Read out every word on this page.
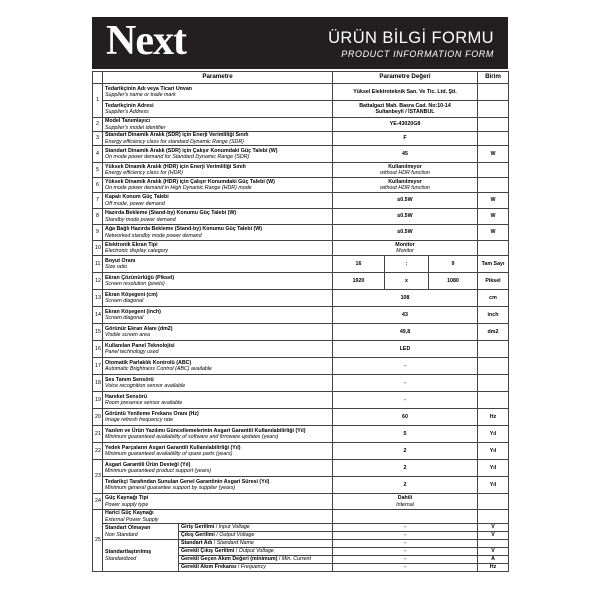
Next	ÜRÜN BİLGİ FORMU
PRODUCT INFORMATION FORM
	Parametre		Parametre Değeri			Birim
1	Tedarikçinin Adı veya Ticari Unvan
Supplier's name or trade mark		Yüksel Elektroteknik San. Ve Tic. Ltd. Şti.			

	Tedarikçinin Adresi
Supplier's Address		Battalgazi Mah. Basra Cad. No:10-14
Sultanbeyli / İSTANBUL			

2	Model Tanımlayıcı
Supplier's model identifier		YE-43020G8			
3	Standart Dinamik Aralık (SDR) için Enerji Verimliliği Sınıfı
Energy efficiency class for standard Dynamic Range (SDR)		F			
4	Standart Dinamik Aralık (SDR) için Çalışır Konumdaki Güç Talebi (W)
On mode power demand for Standard Dynamic Range (SDR)		45			W
5	Yüksek Dinamik Aralık (HDR) için Enerji Verimliliği Sınıfı
Energy efficiency class for (HDR)		Kullanılmıyor
without HDR function			

6	Yüksek Dinamik Aralık (HDR) için Çalışır Konumdaki Güç Talebi (W)
On mode power demand in High Dynamic Range (HDR) mode		Kullanılmıyor
without HDR function			

7	Kapalı Konum Güç Talebi
Off mode, power demand		≤0.5W			W
8	Hazırda Bekleme (Stand-by) Konumu Güç Talebi (W)
Standby mode power demand		≤0.5W			W
9	Ağa Bağlı Hazırda Bekleme (Stand-by) Konumu Güç Talebi (W)
Networked standby mode power demand		≤0.5W			W
10	Elektronik Ekran Tipi
Electronic display category		Monitor
Monitor			

11	Boyut Oranı
Size ratio		16	:	9	Tam Sayı
12	Ekran Çözünürlüğü (Piksel)
Screen resolution (pixels)		1920	x	1080	Piksel
13	Ekran Köşegeni (cm)
Screen diagonal		108			cm
14	Ekran Köşegeni (inch)
Screen diagonal		43			inch
15	Görünür Ekran Alanı (dm2)
Visible screen area		49,8			dm2
16	Kullanılan Panel Teknolojisi
Panel technology used		LED			
17	Otomatik Parlaklık Kontrolü (ABC)
Automatic Brightness Control (ABC) available		-			
18	Ses Tanım Sensörü
Voice recognition sensor available		-			
19	Hareket Sensörü
Room presence sensor available		-			
20	Görüntü Yenileme Frekans Oranı (Hz)
Image refresh frequency rate		60			Hz
21	Yazılım ve Ürün Yazılımı Güncellemelerinin Asgari Garantili Kullanılabilirliği (Yıl)
Minimum guaranteed availability of software and firmware updates (years)		5			Yıl
22	Yedek Parçaların Asgari Garantili Kullanılabilirliği (Yıl)
Minimum guaranteed availability of spare parts (years)		2			Yıl
23	Asgari Garantili Ürün Desteği (Yıl)
Minimum guaranteed product support (years)		2			Yıl

	Tedarikçi Tarafından Sunulan Genel Garantinin Asgari Süresi (Yıl)
Minimum general guarantee support by supplier (years)		2			Yıl
24	Güç Kaynağı Tipi
Power supply type		Dahili
Internal			

25	Harici Güç Kaynağı
External Power Supply					

	Standart Olmayan
Non Standard	Giriş Gerilimi / Input Voltage	-			V
		Çıkış Gerilimi / Output Voltage	-			V

	Standartlaştırılmış
Standardized	Standart Adı / Standard Name	-			
		Gerekli Çıkış Gerilimi / Output Voltage	-			V
		Gerekli Geçen Akım Değeri (minimum) / Min. Current	-			A
		Gerekli Akım Frekansı / Frequency	-			Hz
